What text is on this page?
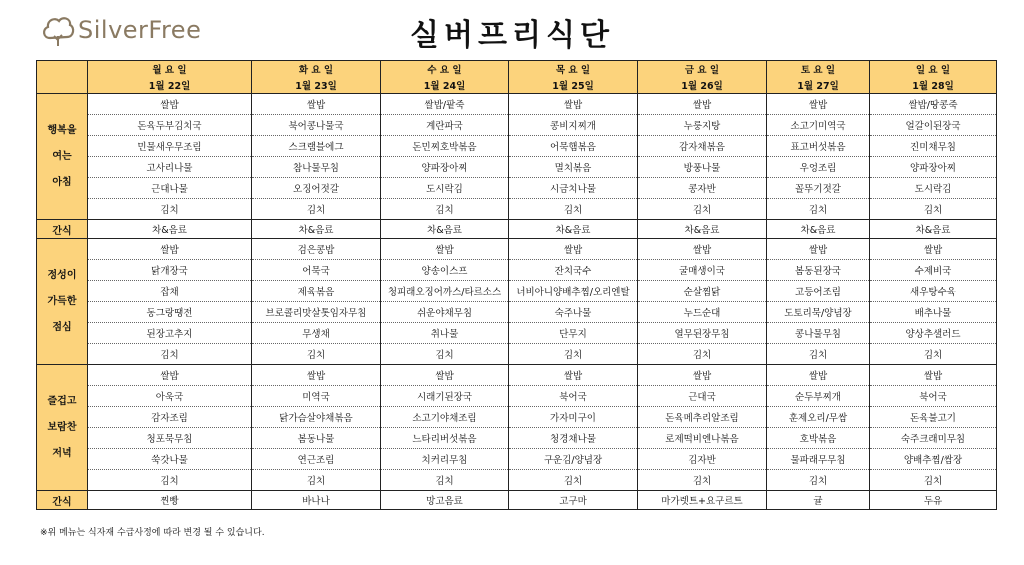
SilverFree	실버프리식단
	월 요 일	화 요 일	수 요 일	목 요 일	금 요 일	토 요 일	일 요 일
	1월 22일	1월 23일	1월 24일	1월 25일	1월 26일	1월 27일	1월 28일

행복을
여는
아침	쌀밥	쌀밥	쌀밥/팥죽	쌀밥	쌀밥	쌀밥	쌀밥/땅콩죽
	돈육두부김치국	북어콩나물국	계란파국	콩비지찌개	누룽지탕	소고기미역국	얼갈이된장국
	민물새우무조림	스크램블에그	돈민찌호박볶음	어묵햄볶음	감자채볶음	표고버섯볶음	진미채무침
	고사리나물	참나물무침	양파장아찌	멸치볶음	방풍나물	우엉조림	양파장아찌
	근대나물	오징어젓갈	도시락김	시금치나물	콩자반	꼴뚜기젓갈	도시락김
	김치	김치	김치	김치	김치	김치	김치
간식	차&음료	차&음료	차&음료	차&음료	차&음료	차&음료	차&음료

정성이
가득한
점심	쌀밥	검은콩밥	쌀밥	쌀밥	쌀밥	쌀밥	쌀밥
	닭개장국	어묵국	양송이스프	잔치국수	굴매생이국	봄동된장국	수제비국
	잡채	제육볶음	청피래오징어까스/타르소스	너비아니양배추찜/오리엔탈	순살찜닭	고등어조림	새우탕수육
	동그랑땡전	브로콜리맛살톳임자무침	쉬운야채무침	숙주나물	누드순대	도토리묵/양념장	배추나물
	된장고추지	무생채	취나물	단무지	열무된장무침	콩나물무침	양상추샐러드
	김치	김치	김치	김치	김치	김치	김치

즐겁고
보람찬
저녁	쌀밥	쌀밥	쌀밥	쌀밥	쌀밥	쌀밥	쌀밥
	아욱국	미역국	시래기된장국	북어국	근대국	순두부찌개	북어국
	감자조림	닭가슴살야채볶음	소고기야채조림	가자미구이	돈육메추리알조림	훈제오리/무쌈	돈육불고기
	청포묵무침	봄동나물	느타리버섯볶음	청경채나물	로제떡비엔나볶음	호박볶음	숙주크래미무침
	쑥갓나물	연근조림	치커리무침	구운김/양념장	김자반	물파래무무침	양배추찜/쌈장
	김치	김치	김치	김치	김치	김치	김치
간식	찐빵	바나나	망고음료	고구마	마가렛트+요구르트	귤	두유
※위 메뉴는 식자재 수급사정에 따라 변경 될 수 있습니다.
